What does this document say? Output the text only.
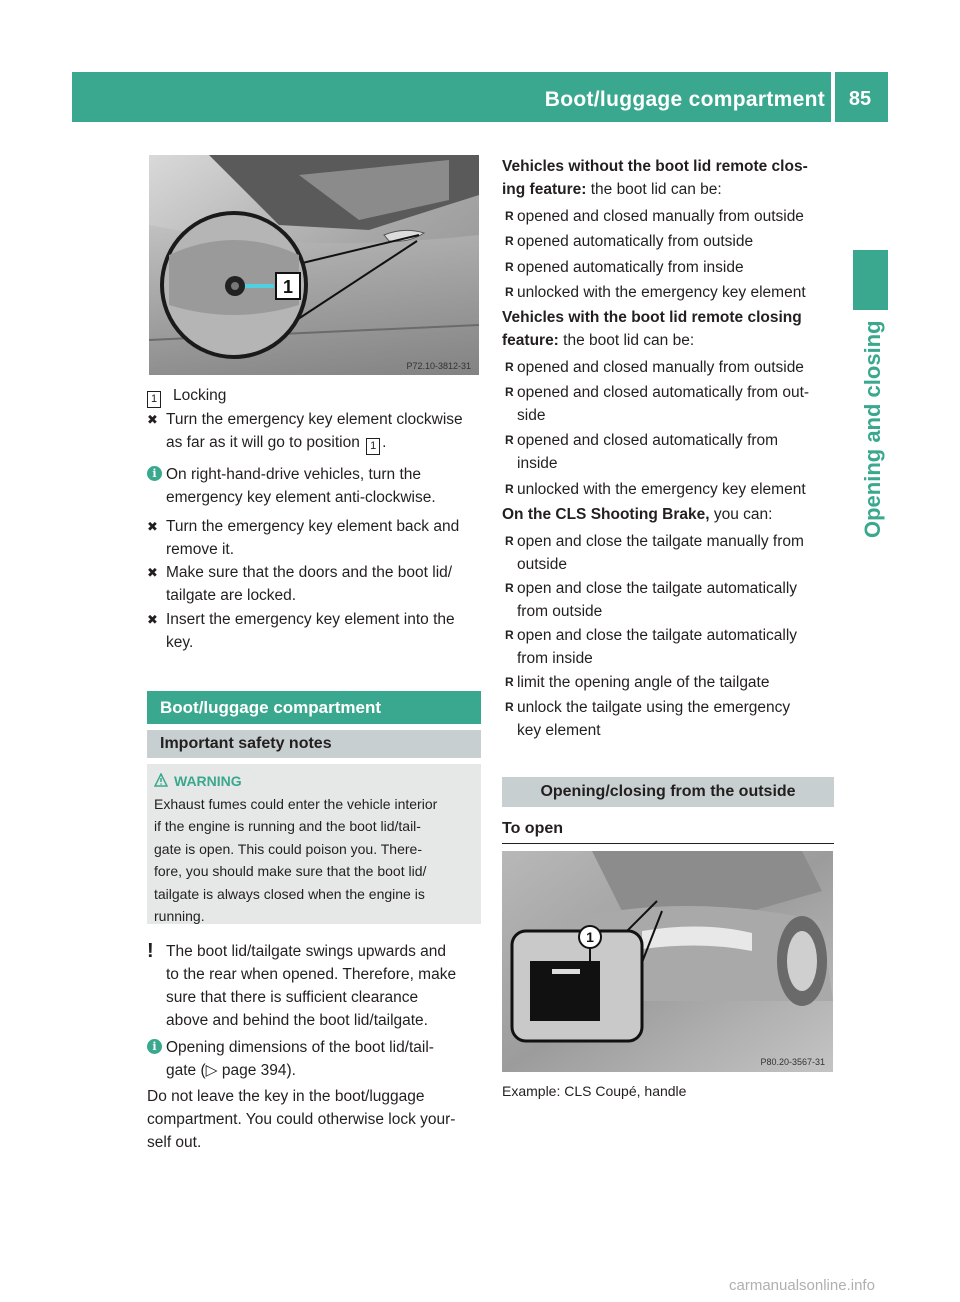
Boot/luggage compartment	85
Opening and closing
1
P72.10-3812-31
1 Locking
✖ Turn the emergency key element clockwise

as far as it will go to position 1 .

i On right-hand-drive vehicles, turn the

emergency key element anti-clockwise.

✖ Turn the emergency key element back and

remove it.

✖ Make sure that the doors and the boot lid/

tailgate are locked.

✖ Insert the emergency key element into the

key.

Boot/luggage compartment
Important safety notes
WARNING

Exhaust fumes could enter the vehicle interior

if the engine is running and the boot lid/tail-

gate is open. This could poison you. There-

fore, you should make sure that the boot lid/

tailgate is always closed when the engine is

running.

! The boot lid/tailgate swings upwards and

to the rear when opened. Therefore, make

sure that there is sufficient clearance

above and behind the boot lid/tailgate.

i Opening dimensions of the boot lid/tail-

gate (▷ page 394).

Do not leave the key in the boot/luggage

compartment. You could otherwise lock your-

self out.

Vehicles without the boot lid remote clos-

ing feature: the boot lid can be:

R opened and closed manually from outside

R opened automatically from outside

R opened automatically from inside

R unlocked with the emergency key element

Vehicles with the boot lid remote closing

feature: the boot lid can be:

R opened and closed manually from outside

R opened and closed automatically from out-

side

R opened and closed automatically from

inside

R unlocked with the emergency key element

On the CLS Shooting Brake, you can:

R open and close the tailgate manually from

outside

R open and close the tailgate automatically

from outside

R open and close the tailgate automatically

from inside

R limit the opening angle of the tailgate

R unlock the tailgate using the emergency

key element

Opening/closing from the outside
To open
1
P80.20-3567-31
Example: CLS Coupé, handle
carmanualsonline.info
